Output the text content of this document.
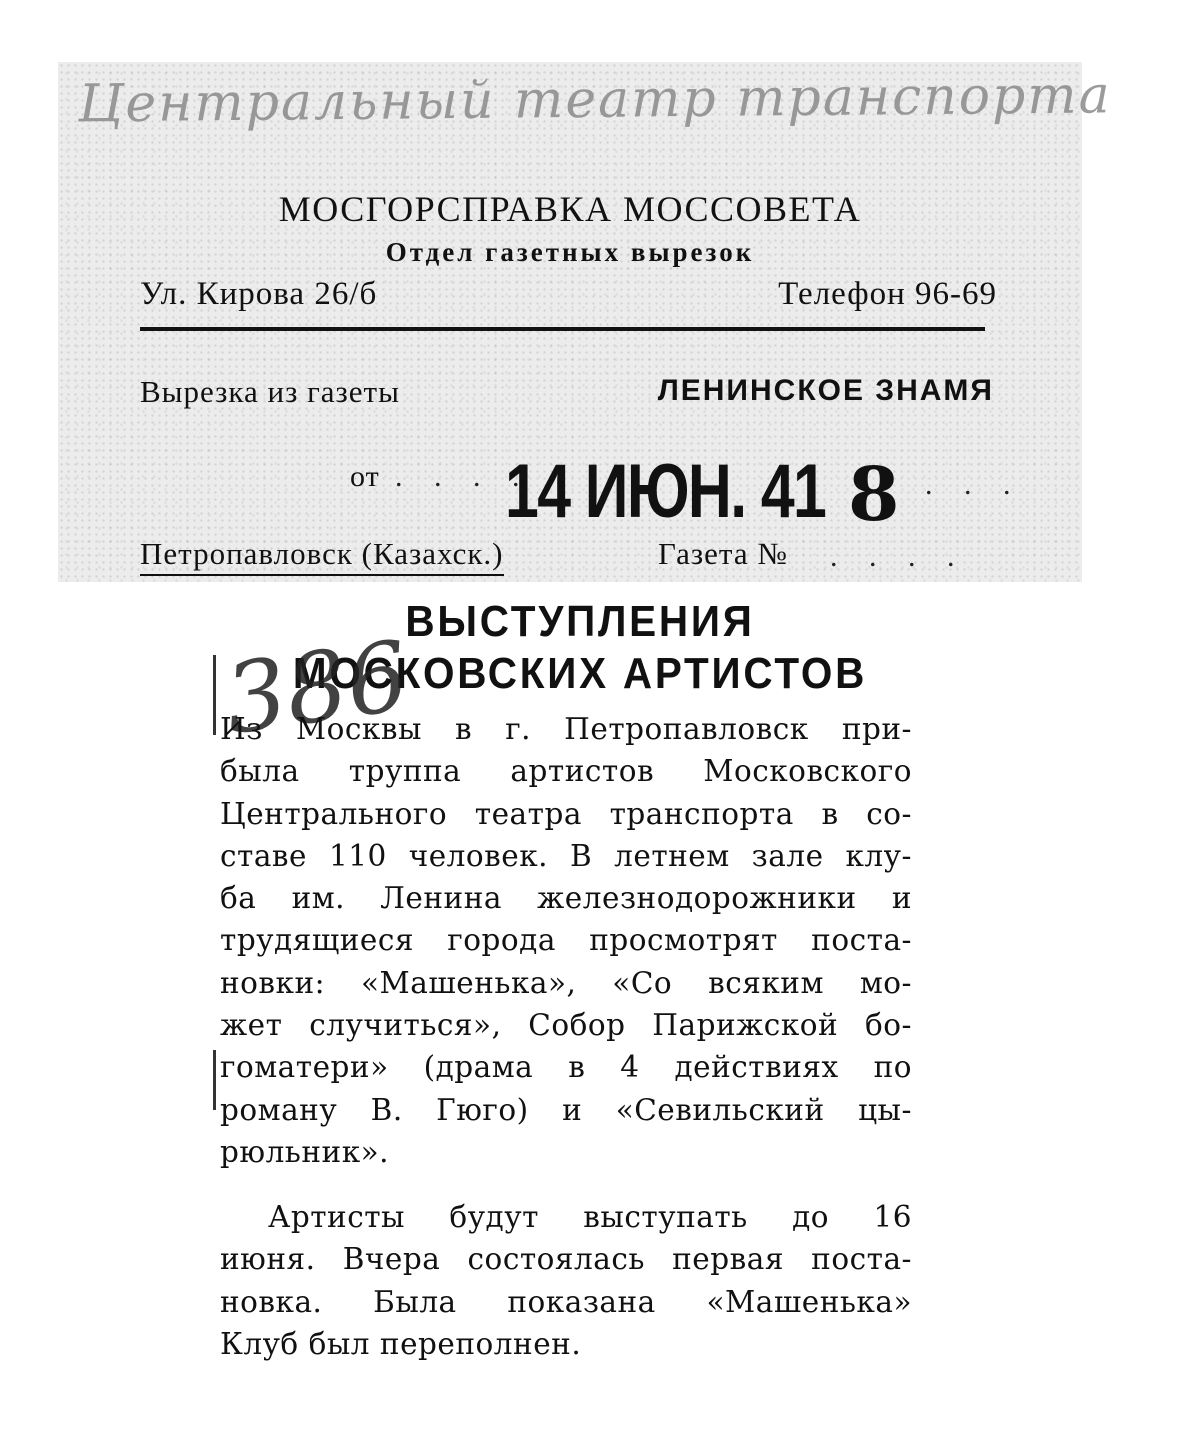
Центральный театр транспорта
МОСГОРСПРАВКА МОССОВЕТА
Отдел газетных вырезок
Ул. Кирова 26/б	Телефон 96-69
Вырезка из газеты	ЛЕНИНСКОЕ ЗНАМЯ
от . . . .
14 ИЮН. 41 8 . . .
Петропавловск (Казахск.)	Газета № . . . .
ВЫСТУПЛЕНИЯ
МОСКОВСКИХ АРТИСТОВ
386
Из Москвы в г. Петропавловск при-
была труппа артистов Московского
Центрального театра транспорта в со-
ставе 110 человек. В летнем зале клу-
ба им. Ленина железнодорожники и
трудящиеся города просмотрят поста-
новки: «Машенька», «Со всяким мо-
жет случиться», Собор Парижской бо-
гоматери» (драма в 4 действиях по
роману В. Гюго) и «Севильский цы-
рюльник».
Артисты будут выступать до 16
июня. Вчера состоялась первая поста-
новка. Была показана «Машенька»
Клуб был переполнен.
